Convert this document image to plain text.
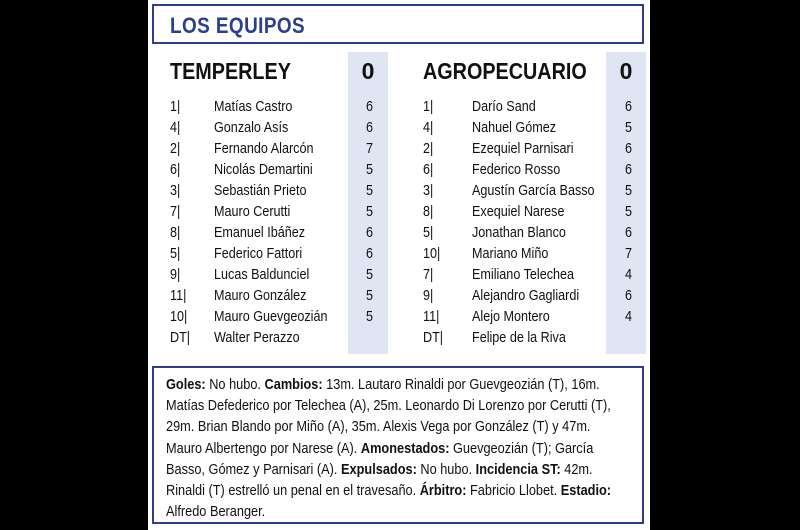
LOS EQUIPOS
TEMPERLEY	0
1| Matías Castro	6
4| Gonzalo Asís	6
2| Fernando Alarcón	7
6| Nicolás Demartini	5
3| Sebastián Prieto	5
7| Mauro Cerutti	5
8| Emanuel Ibáñez	6
5| Federico Fattori	6
9| Lucas Baldunciel	5
11| Mauro González	5
10| Mauro Guevgeozián	5
DT| Walter Perazzo
AGROPECUARIO	0
1|	Darío Sand	6
4|	Nahuel Gómez	5
2|	Ezequiel Parnisari	6
6|	Federico Rosso	6
3|	Agustín García Basso 5
8|	Exequiel Narese	5
5|	Jonathan Blanco	6
10| Mariano Miño	7
7|	Emiliano Telechea	4
9|	Alejandro Gagliardi	6
11| Alejo Montero	4
DT| Felipe de la Riva

Goles: No hubo. Cambios: 13m. Lautaro Rinaldi por Guevgeozián (T), 16m. Matías Defederico por Telechea (A), 25m. Leonardo Di Lorenzo por Cerutti (T), 29m. Brian Blando por Miño (A), 35m. Alexis Vega por González (T) y 47m. Mauro Albertengo por Narese (A). Amonestados: Guevgeozián (T); García Basso, Gómez y Parnisari (A). Expulsados: No hubo. Incidencia ST: 42m. Rinaldi (T) estrelló un penal en el travesaño. Árbitro: Fabricio Llobet. Estadio: Alfredo Beranger.
